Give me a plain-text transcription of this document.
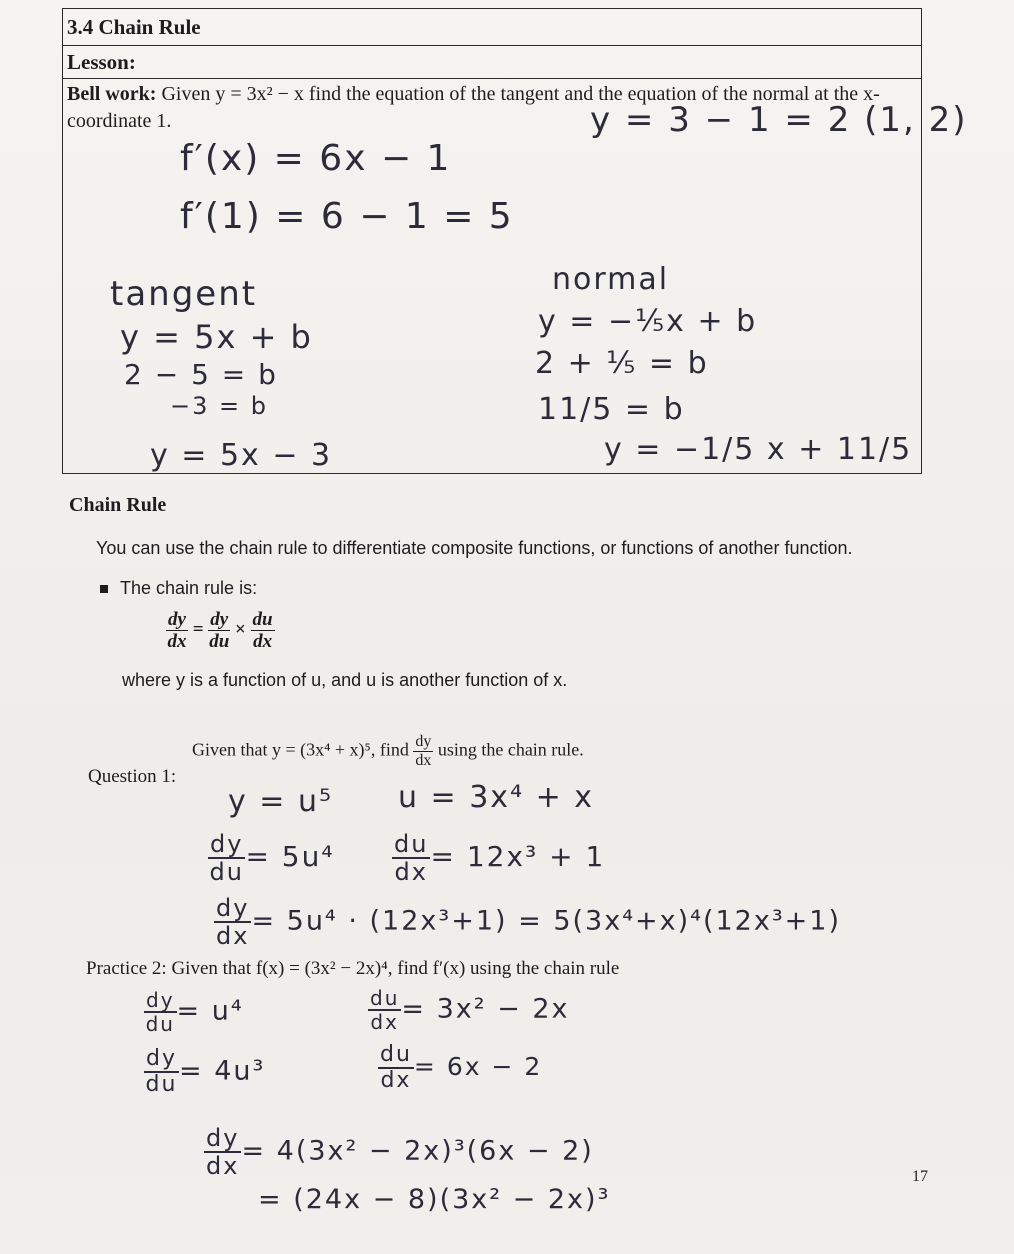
3.4 Chain Rule
Lesson:

Bell work: Given y = 3x² − x find the equation of the tangent and the equation of the normal at the x-coordinate 1.	y = 3 − 1 = 2 (1, 2)
f′(x) = 6x − 1
f′(1) = 6 − 1 = 5
tangent
y = 5x + b
2 − 5 = b
−3 = b
y = 5x − 3
normal
y = −⅕x + b
2 + ⅕ = b
11/5 = b
y = −1/5 x + 11/5
Chain Rule
You can use the chain rule to differentiate composite functions, or functions of another function.
The chain rule is:
$\frac{dy}{dx} = \frac{dy}{du} \times \frac{du}{dx}$
where y is a function of u, and u is another function of x.
Question 1:
Given that y = (3x⁴ + x)⁵, find $\frac{dy}{dx}$ using the chain rule.
y = u⁵ u = 3x⁴ + x
$\frac{dy}{du} = 5u^4 \frac{du}{dx} = 12x^3 + 1$
$\frac{dy}{dx} = 5u^4 \cdot (12x^3+1) = 5(3x^4+x)^4(12x^3+1)$
Practice 2: Given that f(x) = (3x² − 2x)⁴, find f′(x) using the chain rule
$\frac{dy}{du} = u^4$	$\frac{du}{dx} = 3x^2 - 2x$
$\frac{dy}{du} = 4u^3$	$\frac{du}{dx} = 6x - 2$
$\frac{dy}{dx} = 4(3x^2 - 2x)^3(6x - 2)$
= (24x − 8)(3x² − 2x)³
17
